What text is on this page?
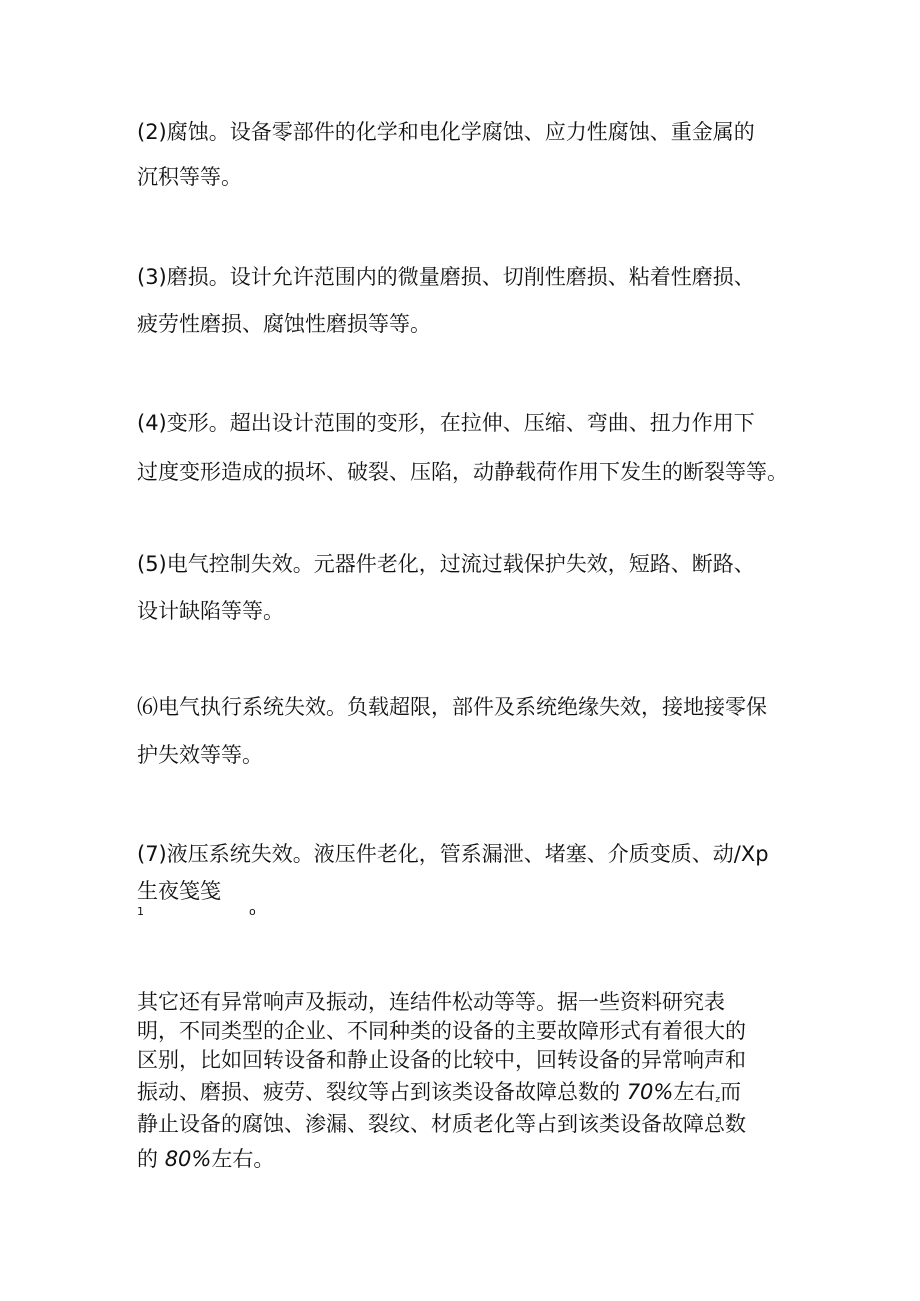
(2)腐蚀。设备零部件的化学和电化学腐蚀、应力性腐蚀、重金属的

沉积等等。

(3)磨损。设计允许范围内的微量磨损、切削性磨损、粘着性磨损、

疲劳性磨损、腐蚀性磨损等等。

(4)变形。超出设计范围的变形，在拉伸、压缩、弯曲、扭力作用下

过度变形造成的损坏、破裂、压陷，动静载荷作用下发生的断裂等等。

(5)电气控制失效。元器件老化，过流过载保护失效，短路、断路、

设计缺陷等等。

⑹电气执行系统失效。负载超限，部件及系统绝缘失效，接地接零保

护失效等等。

(7)液压系统失效。液压件老化，管系漏泄、堵塞、介质变质、动/Xp

生夜笺笺

1	o

其它还有异常响声及振动，连结件松动等等。据一些资料研究表

明，不同类型的企业、不同种类的设备的主要故障形式有着很大的

区别，比如回转设备和静止设备的比较中，回转设备的异常响声和

振动、磨损、疲劳、裂纹等占到该类设备故障总数的 70%左右$_z$而

静止设备的腐蚀、渗漏、裂纹、材质老化等占到该类设备故障总数

的 80%左右。
